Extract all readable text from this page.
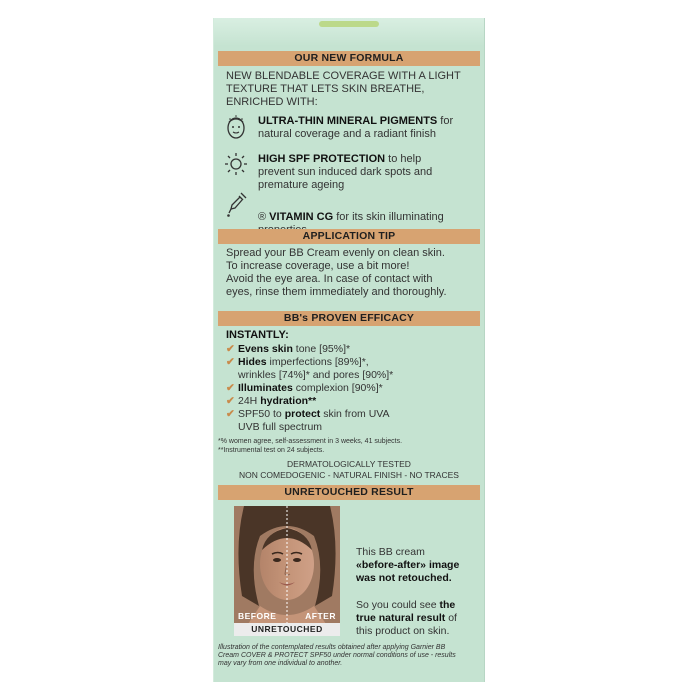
OUR NEW FORMULA
NEW BLENDABLE COVERAGE WITH A LIGHT
TEXTURE THAT LETS SKIN BREATHE,
ENRICHED WITH:
ULTRA-THIN MINERAL PIGMENTS for
natural coverage and a radiant finish
HIGH SPF PROTECTION to help
prevent sun induced dark spots and
premature ageing
® VITAMIN CG for its skin illuminating
APPLICATION TIP
Spread your BB Cream evenly on clean skin.
To increase coverage, use a bit more!
Avoid the eye area. In case of contact with
eyes, rinse them immediately and thoroughly.
BB's PROVEN EFFICACY
INSTANTLY:
✔ Evens skin tone [95%]*
✔ Hides imperfections [89%]*,
wrinkles [74%]* and pores [90%]*
✔ Illuminates complexion [90%]*
✔ 24H hydration**
✔ SPF50 to protect skin from UVA
UVB full spectrum
*% women agree, self-assessment in 3 weeks, 41 subjects.
**Instrumental test on 24 subjects.
DERMATOLOGICALLY TESTED
NON COMEDOGENIC - NATURAL FINISH - NO TRACES
UNRETOUCHED RESULT
BEFORE	AFTER
UNRETOUCHED
This BB cream
«before-after» image
was not retouched.
So you could see the
true natural result of
this product on skin.
Illustration of the contemplated results obtained after applying Garnier BB
Cream COVER & PROTECT SPF50 under normal conditions of use - results
may vary from one individual to another.
